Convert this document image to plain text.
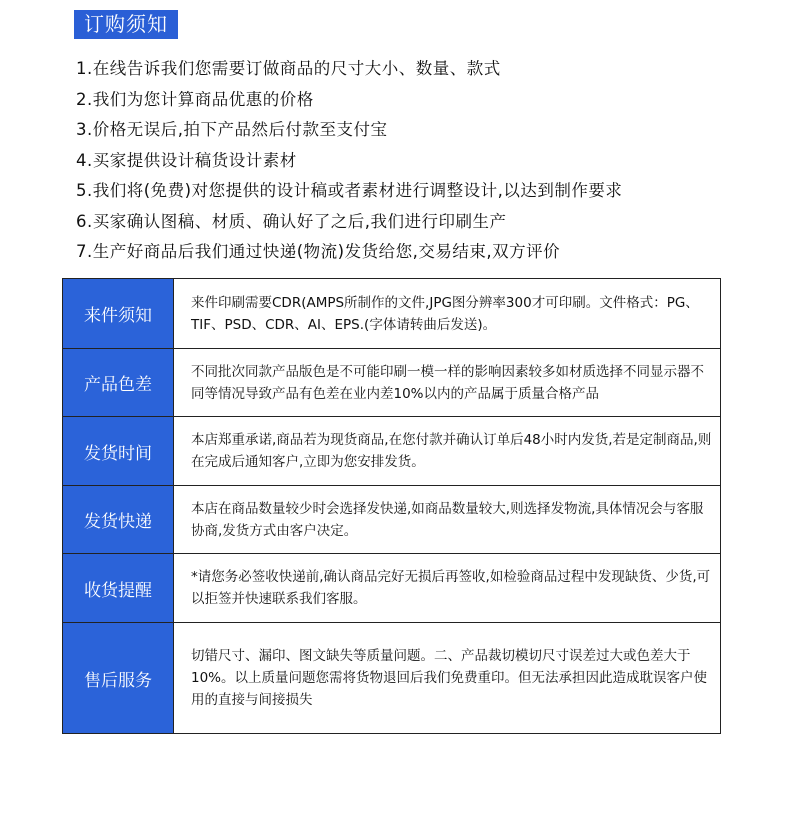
订购须知
1.在线告诉我们您需要订做商品的尺寸大小、数量、款式
2.我们为您计算商品优惠的价格
3.价格无误后,拍下产品然后付款至支付宝
4.买家提供设计稿货设计素材
5.我们将(免费)对您提供的设计稿或者素材进行调整设计,以达到制作要求
6.买家确认图稿、材质、确认好了之后,我们进行印刷生产
7.生产好商品后我们通过快递(物流)发货给您,交易结束,双方评价
来件须知	来件印刷需要CDR(AMPS所制作的文件,JPG图分辨率300才可印刷。文件格式：PG、TIF、PSD、CDR、AI、EPS.(字体请转曲后发送)。
产品色差	不同批次同款产品版色是不可能印刷一模一样的影响因素较多如材质选择不同显示器不同等情况导致产品有色差在业内差10%以内的产品属于质量合格产品
发货时间	本店郑重承诺,商品若为现货商品,在您付款并确认订单后48小时内发货,若是定制商品,则在完成后通知客户,立即为您安排发货。
发货快递	本店在商品数量较少时会选择发快递,如商品数量较大,则选择发物流,具体情况会与客服协商,发货方式由客户决定。
收货提醒	*请您务必签收快递前,确认商品完好无损后再签收,如检验商品过程中发现缺货、少货,可以拒签并快速联系我们客服。
售后服务	切错尺寸、漏印、图文缺失等质量问题。二、产品裁切模切尺寸误差过大或色差大于10%。以上质量问题您需将货物退回后我们免费重印。但无法承担因此造成耽误客户使用的直接与间接损失
